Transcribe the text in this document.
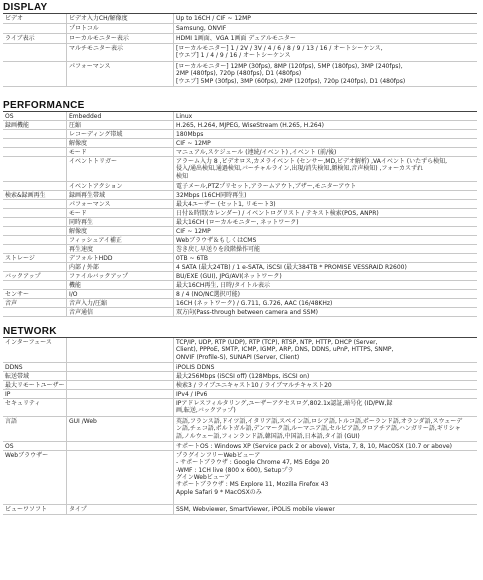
DISPLAY
ビデオ	ビデオ入力CH/解像度	Up to 16CH / CIF ~ 12MP
プロトコル	Samsung, ONVIF
ライブ表示	ローカルモニター表示	HDMI 1画面、VGA 1画面 デュアルモニター
マルチモニター表示	[ローカルモニター] 1 / 2V / 3V / 4 / 6 / 8 / 9 / 13 / 16 / オートシーケンス,
[ウエブ] 1 / 4 / 9 / 16 / オートシーケンス
パフォーマンス	[ローカルモニター] 12MP (30fps), 8MP (120fps), 5MP (180fps), 3MP (240fps),
2MP (480fps), 720p (480fps), D1 (480fps)
[ウエブ] 5MP (30fps), 3MP (60fps), 2MP (120fps), 720p (240fps), D1 (480fps)
PERFORMANCE
OS	Embedded	Linux
録画機能	圧縮	H.265, H.264, MJPEG, WiseStream (H.265, H.264)
レコーディング帯域	180Mbps
解像度	CIF ~ 12MP
モード	マニュアル,スケジュール (連続/イベント) ,イベント (前/後)
イベントトリガー	アラーム入力 8 ,ビデオロス,カメライベント (センサー,MD,ビデオ解析) ,VAイベント (いたずら検知,
侵入/通出検知,通過検知,バーチャルライン,出現/消失検知,顔検知,音声検知) ,フォーカスずれ
検知
イベントアクション	電子メール,PTZプリセット,アラームアウト,ブザー,モニターアウト
検索&録画再生	録画再生帯域	32Mbps (16CH同時再生)
パフォーマンス	最大4ユーザー (セット1, リモート3)
モード	日付＆時間(カレンダー) / イベントログリスト / テキスト検索(POS, ANPR)
同時再生	最大16CH (ローカルモニター, ネットワーク)
解像度	CIF ~ 12MP
フィッシュアイ補正	Webブラウザ＆もしくはCMS
再生速度	巻き戻し早送りを段階操作可能
ストレージ	デフォルトHDD	0TB ~ 6TB
内部 / 外部	4 SATA (最大24TB) / 1 e-SATA, iSCSI (最大384TB * PROMISE VESSRAID R2600)
バックアップ	ファイルバックアップ	BU/EXE (GUI), JPG/AVI(ネットワーク)
機能	最大16CH再生, 日時/タイトル表示
センサー	I/O	8 / 4 (NO/NC選択可能)
音声	音声入力/圧縮	16CH (ネットワーク) / G.711, G.726, AAC (16/48KHz)
音声通信	双方向(Pass-through between camera and SSM)
NETWORK
インターフェース	TCP/IP, UDP, RTP (UDP), RTP (TCP), RTSP, NTP, HTTP, DHCP (Server,
Client), PPPoE, SMTP, ICMP, IGMP, ARP, DNS, DDNS, uPnP, HTTPS, SNMP,
ONVIF (Profile-S), SUNAPI (Server, Client)
DDNS	iPOLIS DDNS
転送帯域	最大256Mbps (iSCSI off) (128Mbps, iSCSI on)
最大リモートユーザー	検索3 / ライブユニキャスト10 / ライブマルチキャスト20
IP	IPv4 / IPv6
セキュリティ	IPアドレスフィルタリング,ユーザーアクセスログ,802.1x認証,暗号化 (ID/PW,録
画,転送,バックアップ)
言語	GUI /Web	英語,フランス語,ドイツ語,イタリア語,スペイン語,ロシア語,トルコ語,ポーランド語,オランダ語,スウェーデ
ン語,チェコ語,ポルトガル語,デンマーク語,ルーマニア語,セルビア語,クロアチア語,ハンガリー語,ギリシャ
語,ノルウェー語,フィンランド語,韓国語,中国語,日本語,タイ語 (GUI)
OS	サポートOS : Windows XP (Service pack 2 or above), Vista, 7, 8, 10, MacOSX (10.7 or above)
Webブラウザー	プラグインフリーWebビューア
- サポートブラウザ : Google Chrome 47, MS Edge 20
-WMF : 1CH live (800 x 600), Setupプラ
グインWebビューア
サポートブラウザ : MS Explore 11, Mozilla Firefox 43
Apple Safari 9 * MacOSXのみ
ビューワソフト	タイプ	SSM, Webviewer, SmartViewer, iPOLiS mobile viewer
